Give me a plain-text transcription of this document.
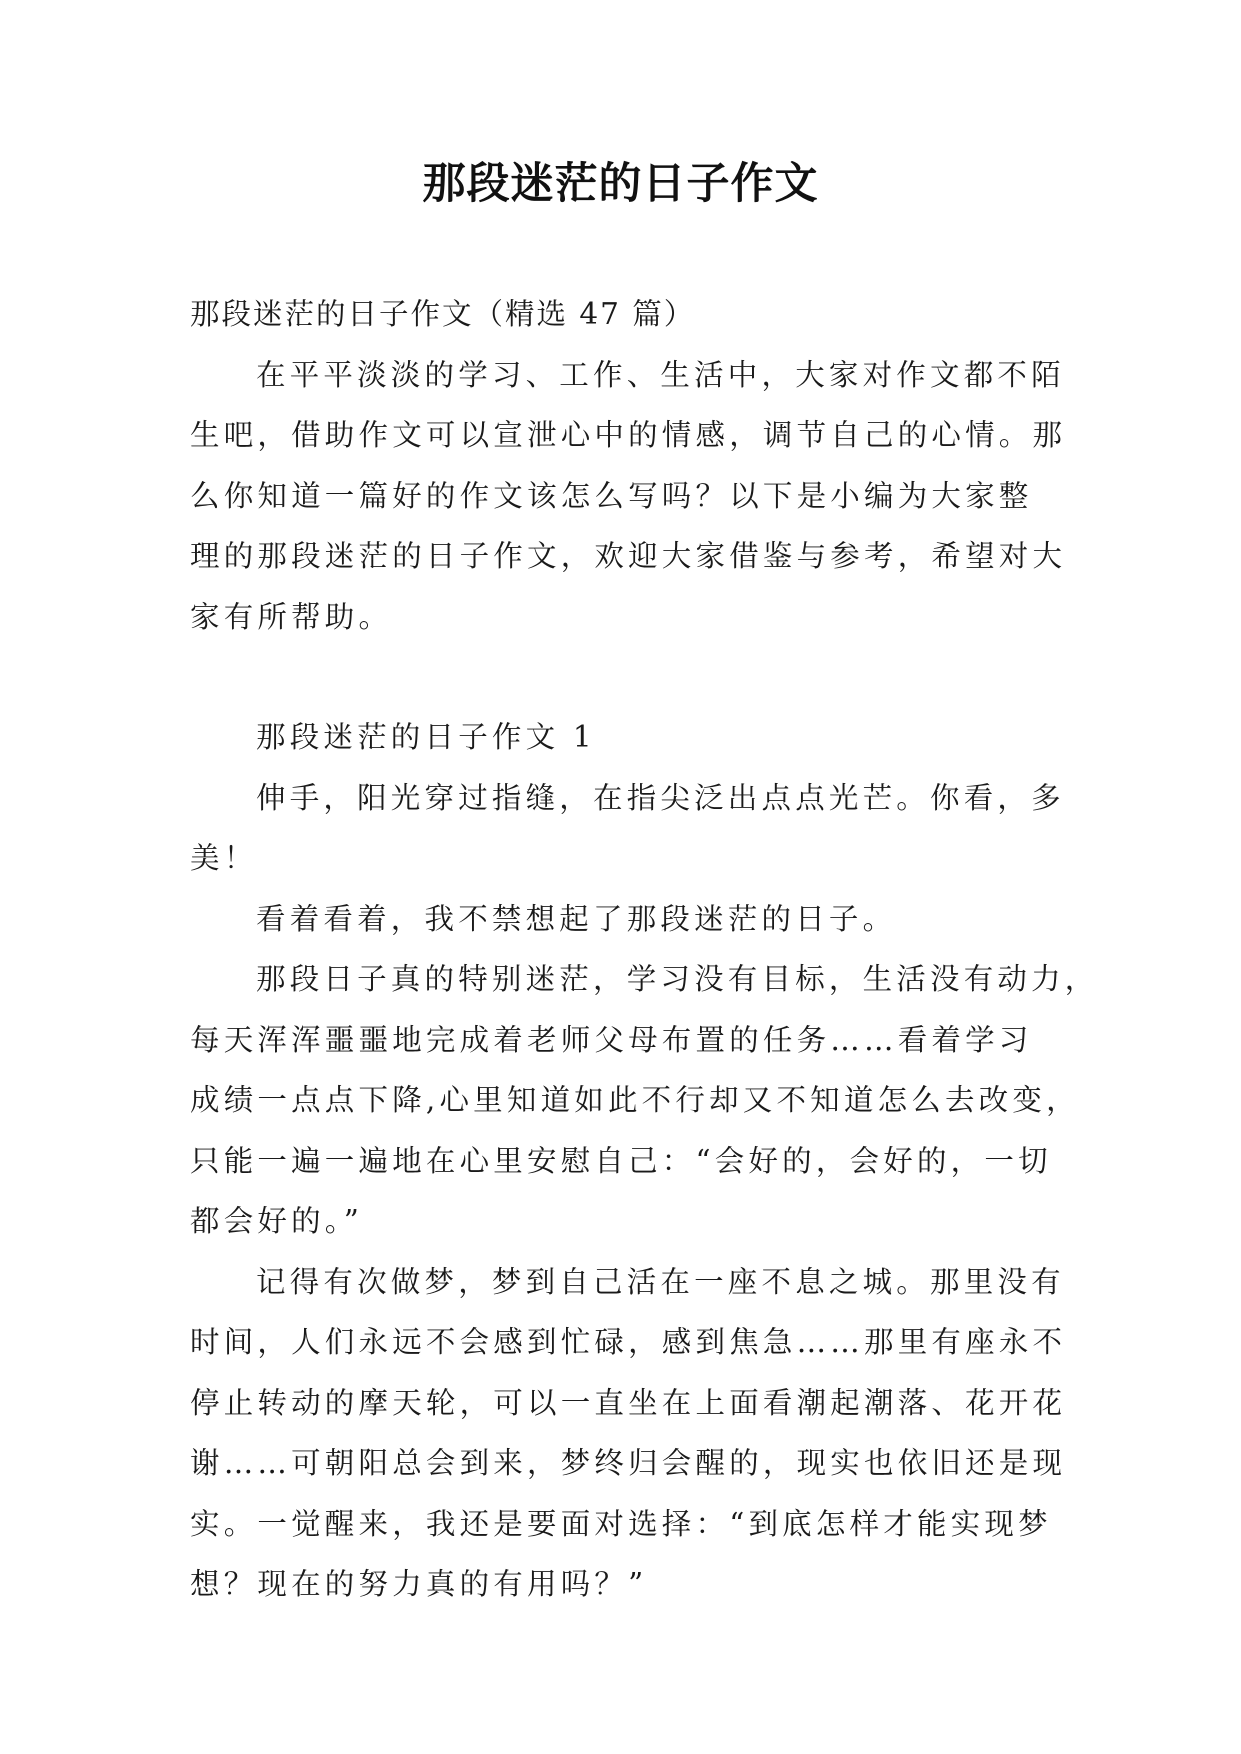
那段迷茫的日子作文

那段迷茫的日子作文（精选 47 篇）

在平平淡淡的学习、工作、生活中，大家对作文都不陌

生吧，借助作文可以宣泄心中的情感，调节自己的心情。那

么你知道一篇好的作文该怎么写吗？以下是小编为大家整

理的那段迷茫的日子作文，欢迎大家借鉴与参考，希望对大

家有所帮助。

那段迷茫的日子作文 1

伸手，阳光穿过指缝，在指尖泛出点点光芒。你看，多

美！

看着看着，我不禁想起了那段迷茫的日子。

那段日子真的特别迷茫，学习没有目标，生活没有动力，

每天浑浑噩噩地完成着老师父母布置的任务……看着学习

成绩一点点下降,心里知道如此不行却又不知道怎么去改变，

只能一遍一遍地在心里安慰自己：“会好的，会好的，一切

都会好的。”

记得有次做梦，梦到自己活在一座不息之城。那里没有

时间，人们永远不会感到忙碌，感到焦急……那里有座永不

停止转动的摩天轮，可以一直坐在上面看潮起潮落、花开花

谢……可朝阳总会到来，梦终归会醒的，现实也依旧还是现

实。一觉醒来，我还是要面对选择：“到底怎样才能实现梦

想？现在的努力真的有用吗？”
